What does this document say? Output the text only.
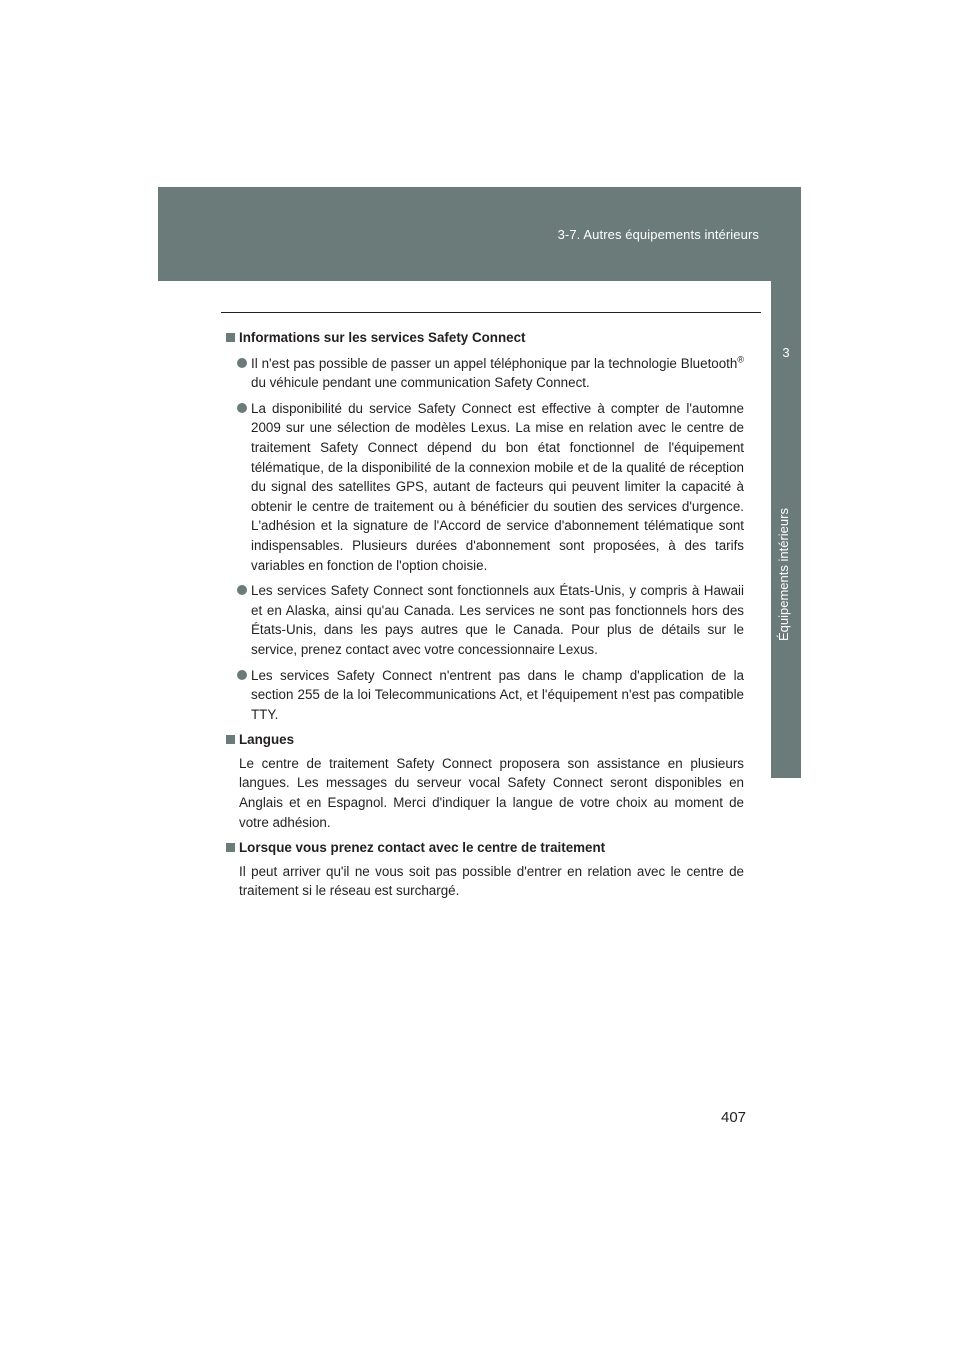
3-7. Autres équipements intérieurs
3
Équipements intérieurs
Informations sur les services Safety Connect
Il n'est pas possible de passer un appel téléphonique par la technologie Bluetooth® du véhicule pendant une communication Safety Connect.
La disponibilité du service Safety Connect est effective à compter de l'automne 2009 sur une sélection de modèles Lexus. La mise en relation avec le centre de traitement Safety Connect dépend du bon état fonctionnel de l'équipement télématique, de la disponibilité de la connexion mobile et de la qualité de réception du signal des satellites GPS, autant de facteurs qui peuvent limiter la capacité à obtenir le centre de traitement ou à bénéficier du soutien des services d'urgence. L'adhésion et la signature de l'Accord de service d'abonnement télématique sont indispensables. Plusieurs durées d'abonnement sont proposées, à des tarifs variables en fonction de l'option choisie.
Les services Safety Connect sont fonctionnels aux États-Unis, y compris à Hawaii et en Alaska, ainsi qu'au Canada. Les services ne sont pas fonctionnels hors des États-Unis, dans les pays autres que le Canada. Pour plus de détails sur le service, prenez contact avec votre concessionnaire Lexus.
Les services Safety Connect n'entrent pas dans le champ d'application de la section 255 de la loi Telecommunications Act, et l'équipement n'est pas compatible TTY.
Langues
Le centre de traitement Safety Connect proposera son assistance en plusieurs langues. Les messages du serveur vocal Safety Connect seront disponibles en Anglais et en Espagnol. Merci d'indiquer la langue de votre choix au moment de votre adhésion.
Lorsque vous prenez contact avec le centre de traitement
Il peut arriver qu'il ne vous soit pas possible d'entrer en relation avec le centre de traitement si le réseau est surchargé.
407
